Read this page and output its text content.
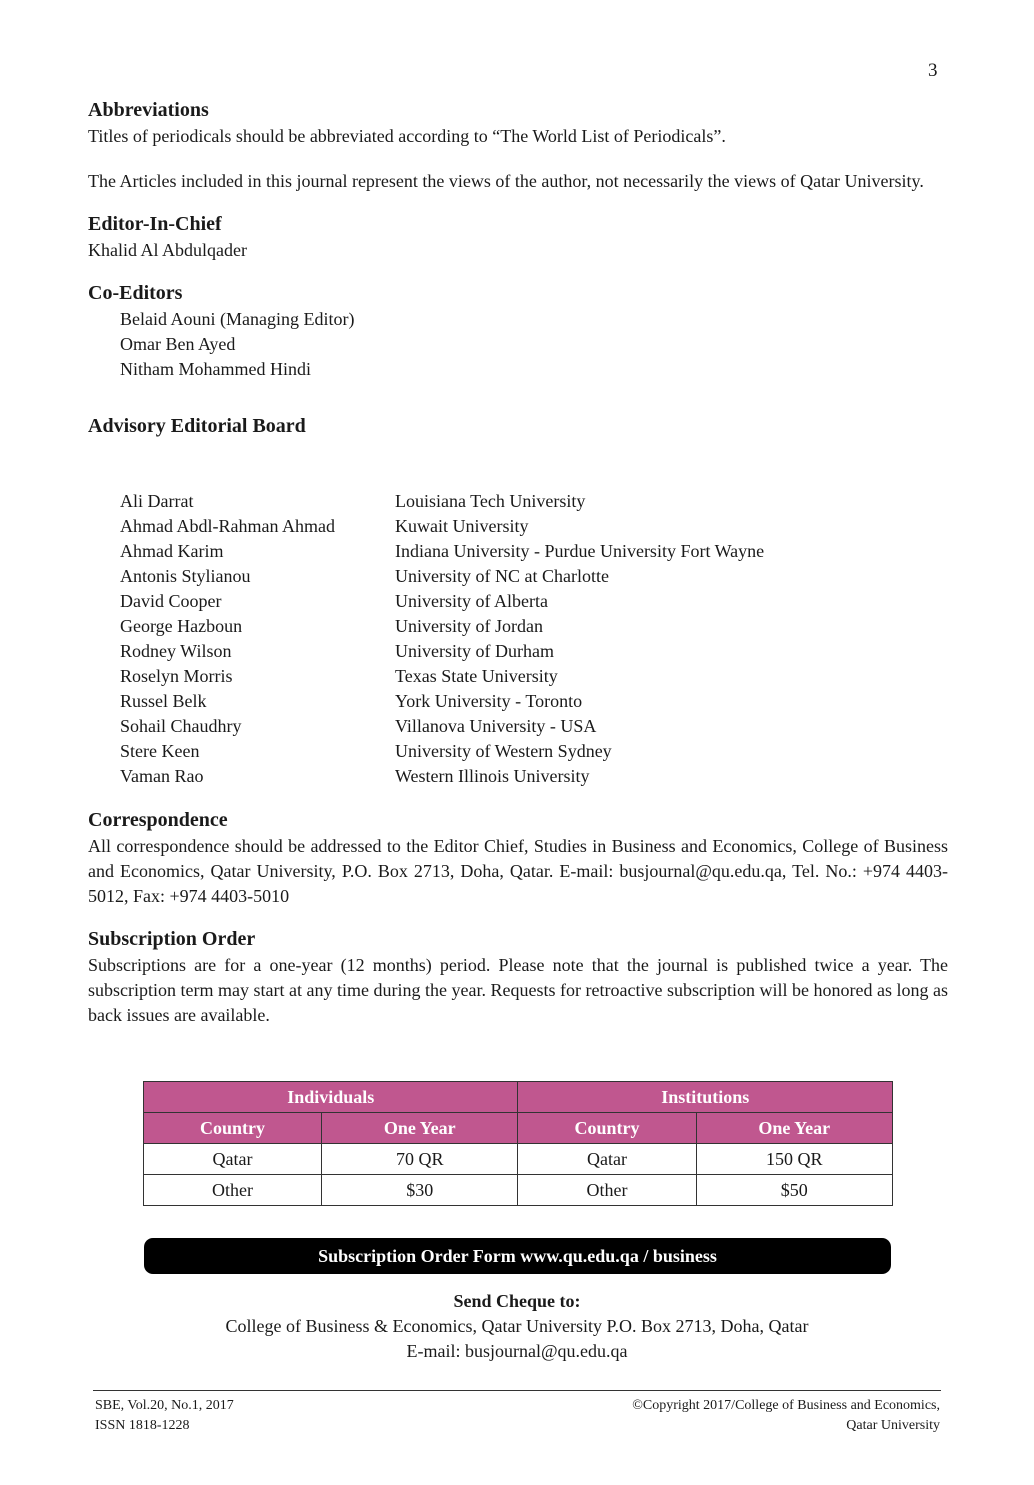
3
Abbreviations

Titles of periodicals should be abbreviated according to “The World List of Periodicals”.

The Articles included in this journal represent the views of the author, not necessarily the views of Qatar University.

Editor-In-Chief

Khalid Al Abdulqader

Co-Editors

Belaid Aouni (Managing Editor)

Omar Ben Ayed

Nitham Mohammed Hindi

Advisory Editorial Board
Ali Darrat	Louisiana Tech University
Ahmad Abdl-Rahman Ahmad	Kuwait University
Ahmad Karim	Indiana University - Purdue University Fort Wayne
Antonis Stylianou	University of NC at Charlotte
David Cooper	University of Alberta
George Hazboun	University of Jordan
Rodney Wilson	University of Durham
Roselyn Morris	Texas State University
Russel Belk	York University - Toronto
Sohail Chaudhry	Villanova University - USA
Stere Keen	University of Western Sydney
Vaman Rao	Western Illinois University
Correspondence

All correspondence should be addressed to the Editor Chief, Studies in Business and Economics, College of Business and Economics, Qatar University, P.O. Box 2713, Doha, Qatar. E-mail: busjournal@qu.edu.qa, Tel. No.: +974 4403-5012, Fax: +974 4403-5010

Subscription Order

Subscriptions are for a one-year (12 months) period. Please note that the journal is published twice a year. The subscription term may start at any time during the year. Requests for retroactive subscription will be honored as long as back issues are available.

Individuals		Institutions	
Country	One Year	Country	One Year
Qatar	70 QR	Qatar	150 QR
Other	$30	Other	$50
Subscription Order Form www.qu.edu.qa / business
Send Cheque to:
College of Business & Economics, Qatar University P.O. Box 2713, Doha, Qatar
E-mail: busjournal@qu.edu.qa
SBE, Vol.20, No.1, 2017
ISSN 1818-1228
©Copyright 2017/College of Business and Economics,
Qatar University
